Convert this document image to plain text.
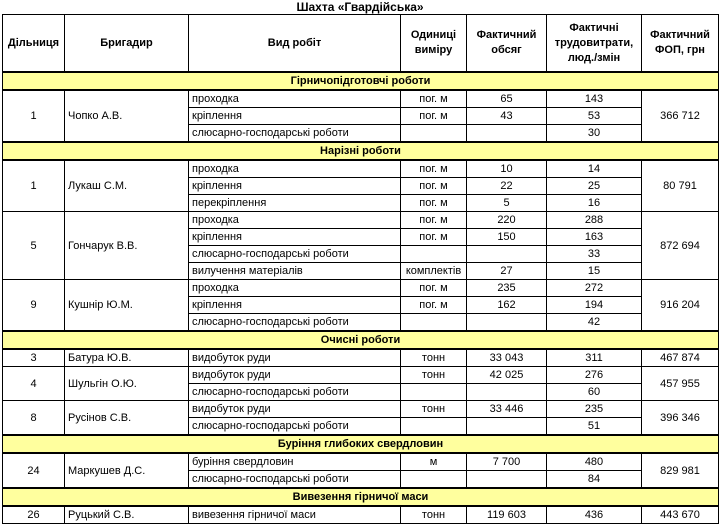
Шахта «Гвардійська»
Дільниця	Бригадир	Вид робіт	Одиниці виміру	Фактичний обсяг	Фактичні трудовитрати, люд./змін	Фактичний ФОП, грн
Гірничопідготовчі роботи						
1	Чопко А.В.	проходка	пог. м	65	143	366 712
		кріплення	пог. м	43	53	
		слюсарно-господарські роботи			30	
Нарізні роботи						
1	Лукаш С.М.	проходка	пог. м	10	14	80 791
		кріплення	пог. м	22	25	
		перекріплення	пог. м	5	16	
5	Гончарук В.В.	проходка	пог. м	220	288	872 694
		кріплення	пог. м	150	163	
		слюсарно-господарські роботи			33	
		вилучення матеріалів	комплектів	27	15	
9	Кушнір Ю.М.	проходка	пог. м	235	272	916 204
		кріплення	пог. м	162	194	
		слюсарно-господарські роботи			42	
Очисні роботи						
3	Батура Ю.В.	видобуток руди	тонн	33 043	311	467 874
4	Шульгін О.Ю.	видобуток руди	тонн	42 025	276	457 955
		слюсарно-господарські роботи			60	
8	Русінов С.В.	видобуток руди	тонн	33 446	235	396 346
		слюсарно-господарські роботи			51	
Буріння глибоких свердловин						
24	Маркушев Д.С.	буріння свердловин	м	7 700	480	829 981
		слюсарно-господарські роботи			84	
Вивезення гірничої маси						
26	Руцький С.В.	вивезення гірничої маси	тонн	119 603	436	443 670
